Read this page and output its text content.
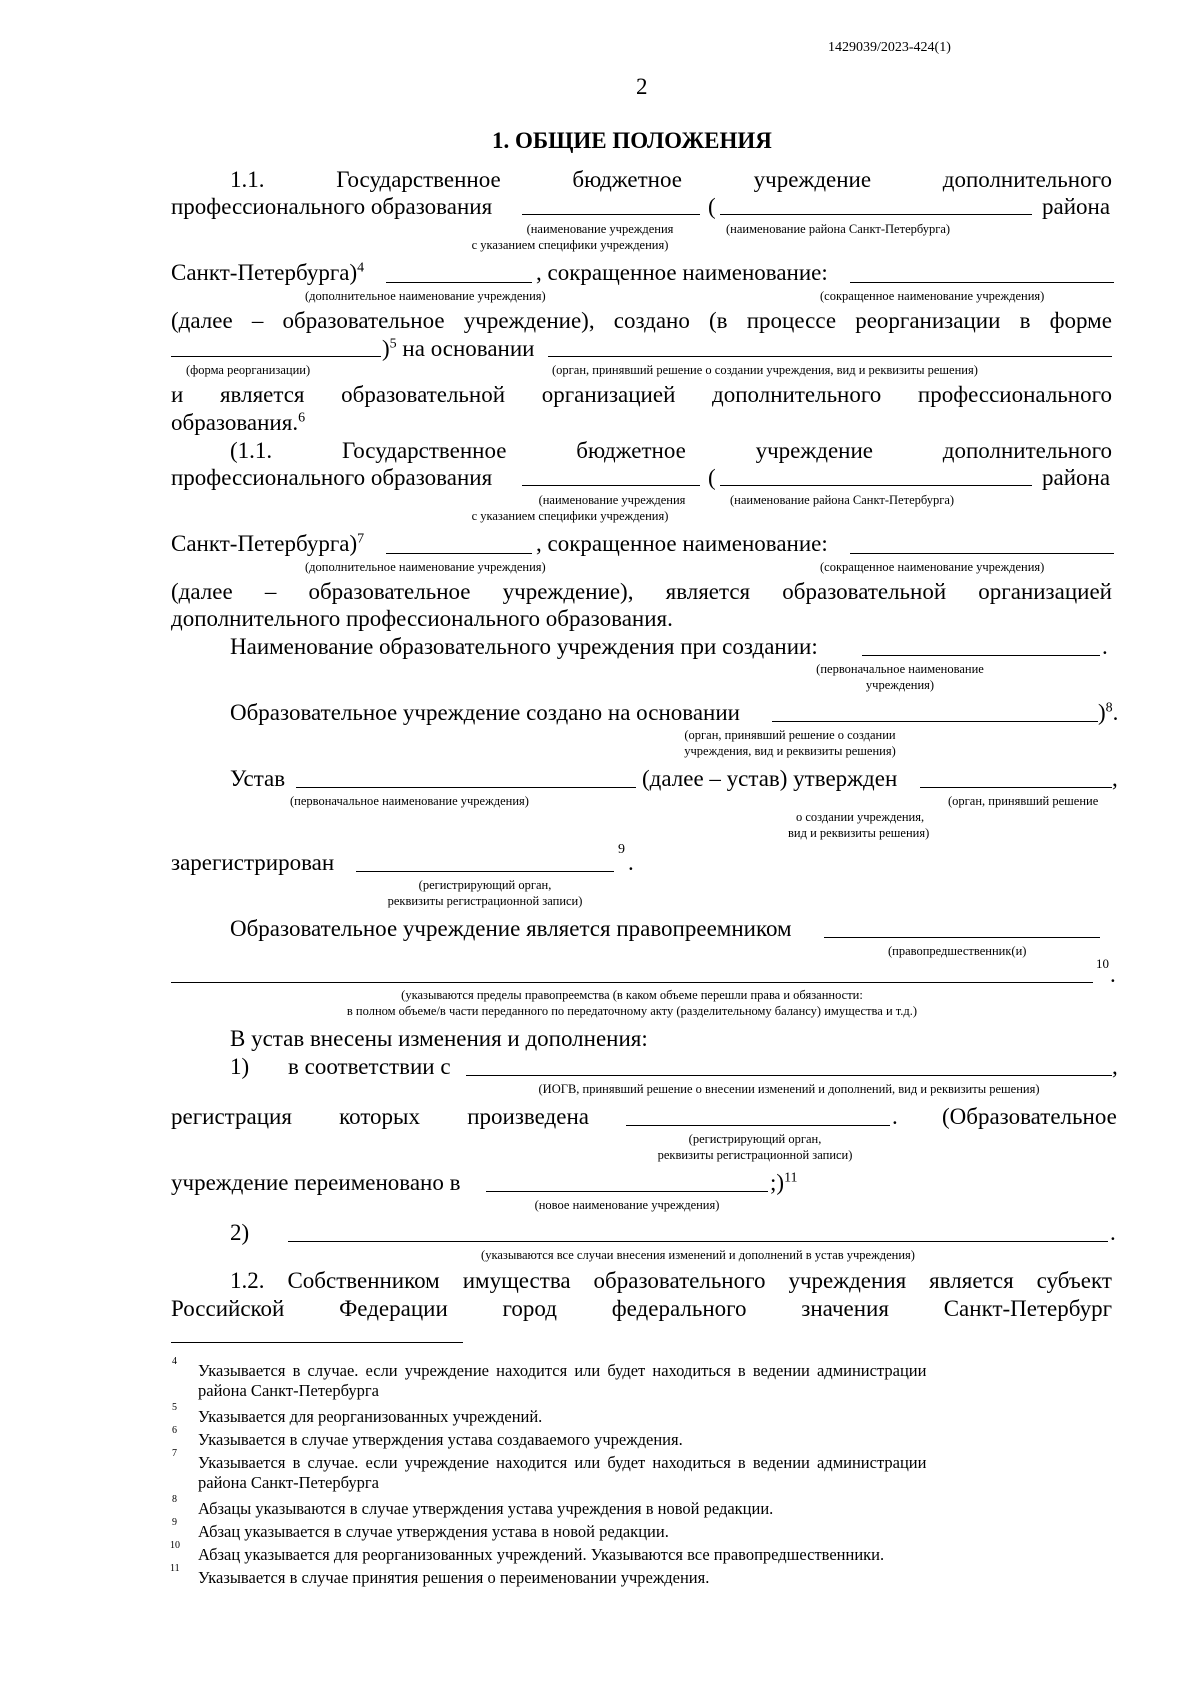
1429039/2023-424(1)
2
1. ОБЩИЕ ПОЛОЖЕНИЯ
1.1.	Государственное	бюджетное	учреждение	дополнительного
профессионального образования	(	района
(наименование учреждения
с указанием специфики учреждения)
(наименование района Санкт-Петербурга)
Санкт-Петербурга)$^4$	, сокращенное наименование:
(дополнительное наименование учреждения)	(сокращенное наименование учреждения)
(далее – образовательное учреждение), создано (в процессе реорганизации в форме
)$^5$ на основании
(форма реорганизации)	(орган, принявший решение о создании учреждения, вид и реквизиты решения)
и является образовательной организацией дополнительного профессионального
образования.$^6$
(1.1.	Государственное	бюджетное	учреждение	дополнительного
профессионального образования	(	района
(наименование учреждения
с указанием специфики учреждения)
(наименование района Санкт-Петербурга)
Санкт-Петербурга)$^7$	, сокращенное наименование:
(дополнительное наименование учреждения)	(сокращенное наименование учреждения)
(далее – образовательное учреждение), является образовательной организацией
дополнительного профессионального образования.
Наименование образовательного учреждения при создании:	.
(первоначальное наименование
учреждения)
Образовательное учреждение создано на основании	)$^8$.
(орган, принявший решение о создании
учреждения, вид и реквизиты решения)
Устав	(далее – устав) утвержден	,
(первоначальное наименование учреждения)	(орган, принявший решение
о создании учреждения,
вид и реквизиты решения)
зарегистрирован
9
.
(регистрирующий орган,
реквизиты регистрационной записи)
Образовательное учреждение является правопреемником
(правопредшественник(и)
10 .
(указываются пределы правопреемства (в каком объеме перешли права и обязанности:
в полном объеме/в части переданного по передаточному акту (разделительному балансу) имущества и т.д.)
В устав внесены изменения и дополнения:
1) в соответствии с	,
(ИОГВ, принявший решение о внесении изменений и дополнений, вид и реквизиты решения)
регистрация которых произведена	. (Образовательное
(регистрирующий орган,
реквизиты регистрационной записи)
учреждение переименовано в	;)$^{11}$
(новое наименование учреждения)
2)	.
(указываются все случаи внесения изменений и дополнений в устав учреждения)
1.2. Собственником имущества образовательного учреждения является субъект
Российской Федерации город федерального значения Санкт-Петербург
4 Указывается в случае. если учреждение находится или будет находиться в ведении администрации
района Санкт-Петербурга
5 Указывается для реорганизованных учреждений.
6 Указывается в случае утверждения устава создаваемого учреждения.
7 Указывается в случае. если учреждение находится или будет находиться в ведении администрации
района Санкт-Петербурга
8 Абзацы указываются в случае утверждения устава учреждения в новой редакции.
9 Абзац указывается в случае утверждения устава в новой редакции.
10 Абзац указывается для реорганизованных учреждений. Указываются все правопредшественники.
11 Указывается в случае принятия решения о переименовании учреждения.
